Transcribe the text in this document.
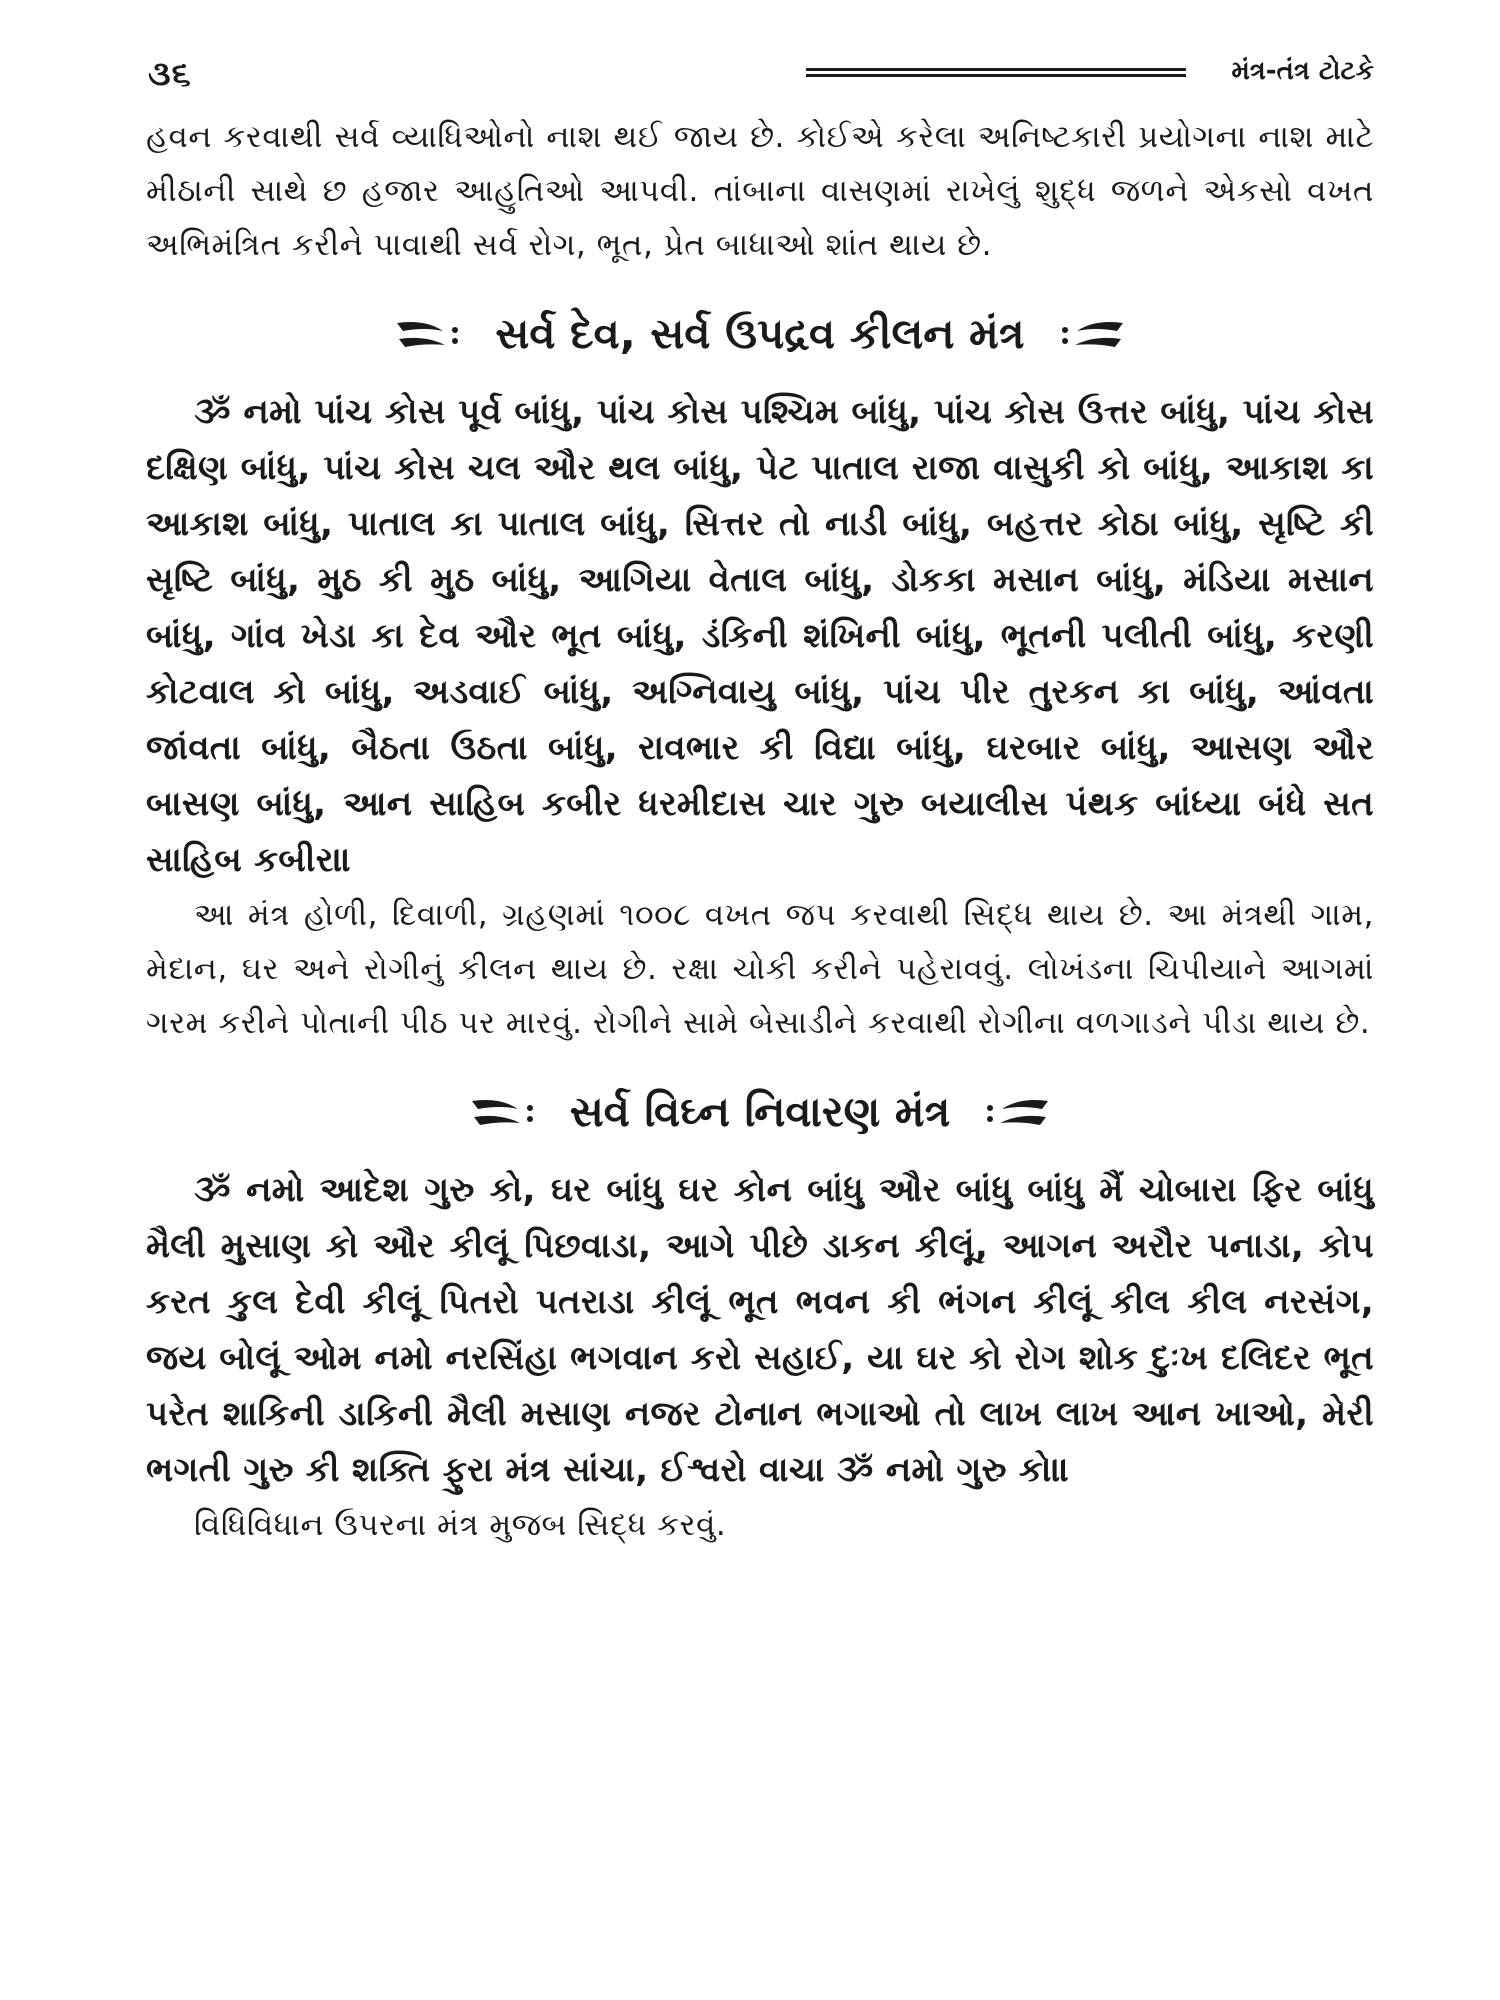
૩૬	મંત્ર-તંત્ર ટોટકે

હવન કરવાથી સર્વ વ્યાધિઓનો નાશ થઈ જાય છે. કોઈએ કરેલા અનિષ્ટકારી પ્રયોગના નાશ માટે મીઠાની સાથે છ હજાર આહુતિઓ આપવી. તાંબાના વાસણમાં રાખેલું શુદ્ધ જળને એકસો વખત અભિમંત્રિત કરીને પાવાથી સર્વ રોગ, ભૂત, પ્રેત બાધાઓ શાંત થાય છે.

સર્વ દેવ, સર્વ ઉપદ્રવ કીલન મંત્ર

ૐ નમો પાંચ કોસ પૂર્વ બાંધુ, પાંચ કોસ પશ્ચિમ બાંધુ, પાંચ કોસ ઉત્તર બાંધુ, પાંચ કોસ દક્ષિણ બાંધુ, પાંચ કોસ ચલ ઔર થલ બાંધુ, પેટ પાતાલ રાજા વાસુકી કો બાંધુ, આકાશ કા આકાશ બાંધુ, પાતાલ કા પાતાલ બાંધુ, સિત્તર તો નાડી બાંધુ, બહત્તર કોઠા બાંધુ, સૃષ્ટિ કી સૃષ્ટિ બાંધુ, મુઠ કી મુઠ બાંધુ, આગિયા વેતાલ બાંધુ, ડોકકા મસાન બાંધુ, મંડિયા મસાન બાંધુ, ગાંવ ખેડા કા દેવ ઔર ભૂત બાંધુ, ડંકિની શંખિની બાંધુ, ભૂતની પલીતી બાંધુ, કરણી કોટવાલ કો બાંધુ, અડવાઈ બાંધુ, અગ્નિવાયુ બાંધુ, પાંચ પીર તુરકન કા બાંધુ, આંવતા જાંવતા બાંધુ, બૈઠતા ઉઠતા બાંધુ, રાવભાર કી વિદ્યા બાંધુ, ઘરબાર બાંધુ, આસણ ઔર બાસણ બાંધુ, આન સાહિબ કબીર ધરમીદાસ ચાર ગુરુ બયાલીસ પંથક બાંધ્યા બંધે સત સાહિબ કબીર॥

આ મંત્ર હોળી, દિવાળી, ગ્રહણમાં ૧૦૦૮ વખત જપ કરવાથી સિદ્ધ થાય છે. આ મંત્રથી ગામ, મેદાન, ઘર અને રોગીનું કીલન થાય છે. રક્ષા ચોકી કરીને પહેરાવવું. લોખંડના ચિપીયાને આગમાં ગરમ કરીને પોતાની પીઠ પર મારવું. રોગીને સામે બેસાડીને કરવાથી રોગીના વળગાડને પીડા થાય છે.

સર્વ વિઘ્ન નિવારણ મંત્ર

ૐ નમો આદેશ ગુરુ કો, ઘર બાંધુ ઘર કોન બાંધુ ઔર બાંધુ બાંધુ મૈં ચોબારા ફિર બાંધુ મૈલી મુસાણ કો ઔર કીલૂં પિછવાડા, આગે પીછે ડાકન કીલૂં, આગન અરૌર પનાડા, કોપ કરત કુલ દેવી કીલૂં પિતરો પતરાડા કીલૂં ભૂત ભવન કી ભંગન કીલૂં કીલ કીલ નરસંગ, જય બોલૂં ઓમ નમો નરસિંહા ભગવાન કરો સહાઈ, યા ઘર કો રોગ શોક દુઃખ દલિદર ભૂત પરેત શાકિની ડાકિની મૈલી મસાણ નજર ટોનાન ભગાઓ તો લાખ લાખ આન ખાઓ, મેરી ભગતી ગુરુ કી શક્તિ ફુરા મંત્ર સાંચા, ઈશ્વરો વાચા ૐ નમો ગુરુ કો॥

વિધિવિધાન ઉપરના મંત્ર મુજબ સિદ્ધ કરવું.
